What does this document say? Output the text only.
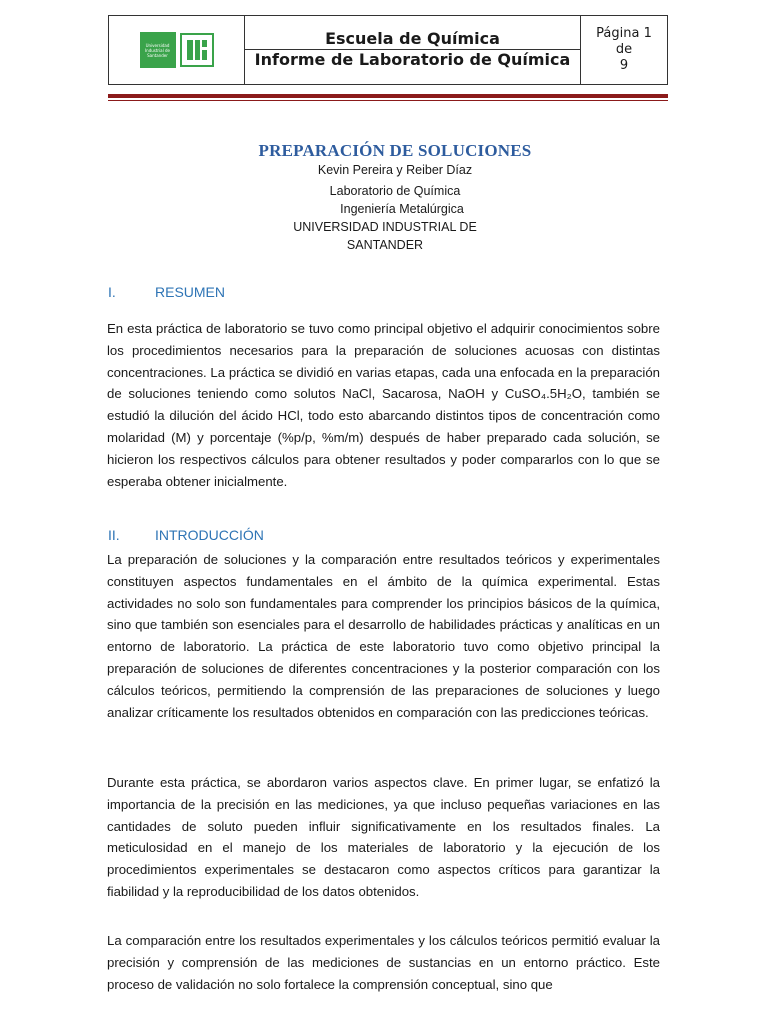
Universidad Industrial de Santander

Escuela de Química
Informe de Laboratorio de Química

Página 1
de
9

PREPARACIÓN DE SOLUCIONES
Kevin Pereira y Reiber Díaz
Laboratorio de Química
Ingeniería Metalúrgica
UNIVERSIDAD INDUSTRIAL DE
SANTANDER
I.	RESUMEN

En esta práctica de laboratorio se tuvo como principal objetivo el adquirir conocimientos sobre los procedimientos necesarios para la preparación de soluciones acuosas con distintas concentraciones. La práctica se dividió en varias etapas, cada una enfocada en la preparación de soluciones teniendo como solutos NaCl, Sacarosa, NaOH y CuSO₄.5H₂O, también se estudió la dilución del ácido HCl, todo esto abarcando distintos tipos de concentración como molaridad (M) y porcentaje (%p/p, %m/m) después de haber preparado cada solución, se hicieron los respectivos cálculos para obtener resultados y poder compararlos con lo que se esperaba obtener inicialmente.

II.	INTRODUCCIÓN

La preparación de soluciones y la comparación entre resultados teóricos y experimentales constituyen aspectos fundamentales en el ámbito de la química experimental. Estas actividades no solo son fundamentales para comprender los principios básicos de la química, sino que también son esenciales para el desarrollo de habilidades prácticas y analíticas en un entorno de laboratorio. La práctica de este laboratorio tuvo como objetivo principal la preparación de soluciones de diferentes concentraciones y la posterior comparación con los cálculos teóricos, permitiendo la comprensión de las preparaciones de soluciones y luego analizar críticamente los resultados obtenidos en comparación con las predicciones teóricas.

Durante esta práctica, se abordaron varios aspectos clave. En primer lugar, se enfatizó la importancia de la precisión en las mediciones, ya que incluso pequeñas variaciones en las cantidades de soluto pueden influir significativamente en los resultados finales. La meticulosidad en el manejo de los materiales de laboratorio y la ejecución de los procedimientos experimentales se destacaron como aspectos críticos para garantizar la fiabilidad y la reproducibilidad de los datos obtenidos.

La comparación entre los resultados experimentales y los cálculos teóricos permitió evaluar la precisión y comprensión de las mediciones de sustancias en un entorno práctico. Este proceso de validación no solo fortalece la comprensión conceptual, sino que
